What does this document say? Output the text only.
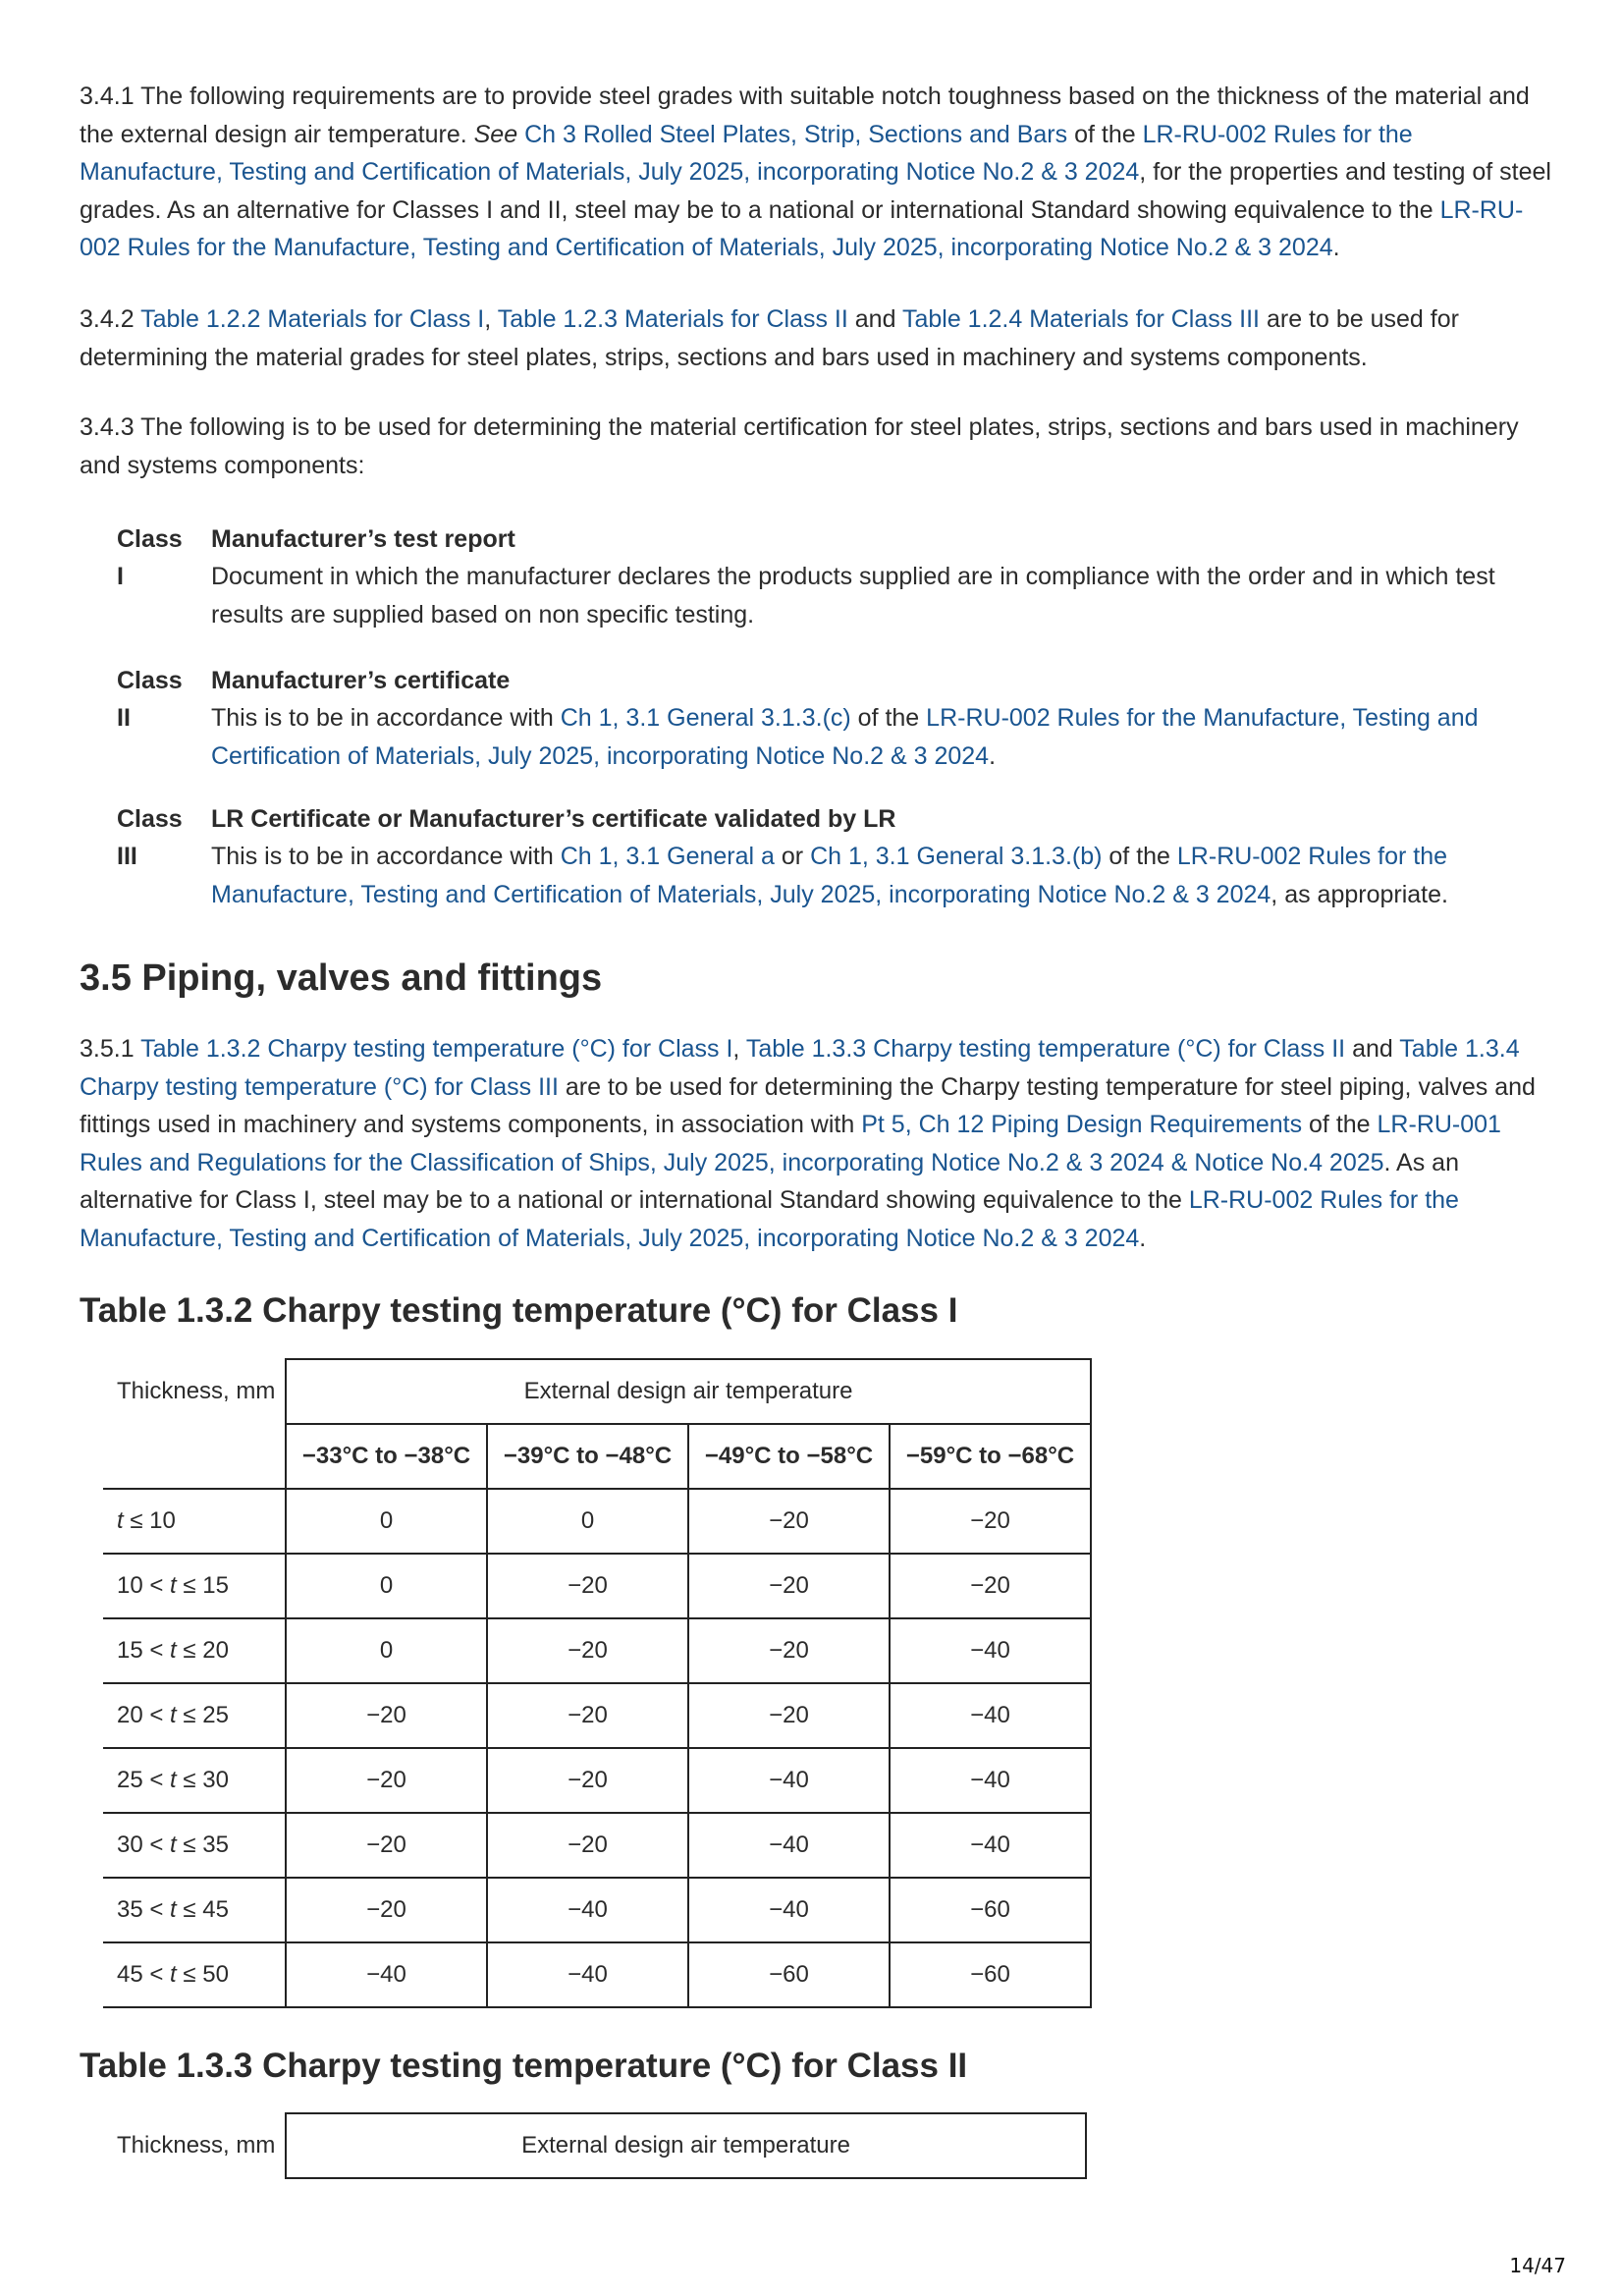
3.4.1 The following requirements are to provide steel grades with suitable notch toughness based on the thickness of the material and the external design air temperature. See Ch 3 Rolled Steel Plates, Strip, Sections and Bars of the LR-RU-002 Rules for the Manufacture, Testing and Certification of Materials, July 2025, incorporating Notice No.2 & 3 2024, for the properties and testing of steel grades. As an alternative for Classes I and II, steel may be to a national or international Standard showing equivalence to the LR-RU-002 Rules for the Manufacture, Testing and Certification of Materials, July 2025, incorporating Notice No.2 & 3 2024.

3.4.2 Table 1.2.2 Materials for Class I, Table 1.2.3 Materials for Class II and Table 1.2.4 Materials for Class III are to be used for determining the material grades for steel plates, strips, sections and bars used in machinery and systems components.

3.4.3 The following is to be used for determining the material certification for steel plates, strips, sections and bars used in machinery and systems components:

Class I
Manufacturer’s test report

Document in which the manufacturer declares the products supplied are in compliance with the order and in which test results are supplied based on non specific testing.

Class II
Manufacturer’s certificate

This is to be in accordance with Ch 1, 3.1 General 3.1.3.(c) of the LR-RU-002 Rules for the Manufacture, Testing and Certification of Materials, July 2025, incorporating Notice No.2 & 3 2024.

Class III
LR Certificate or Manufacturer’s certificate validated by LR

This is to be in accordance with Ch 1, 3.1 General a or Ch 1, 3.1 General 3.1.3.(b) of the LR-RU-002 Rules for the Manufacture, Testing and Certification of Materials, July 2025, incorporating Notice No.2 & 3 2024, as appropriate.

3.5 Piping, valves and fittings

3.5.1 Table 1.3.2 Charpy testing temperature (°C) for Class I, Table 1.3.3 Charpy testing temperature (°C) for Class II and Table 1.3.4 Charpy testing temperature (°C) for Class III are to be used for determining the Charpy testing temperature for steel piping, valves and fittings used in machinery and systems components, in association with Pt 5, Ch 12 Piping Design Requirements of the LR-RU-001 Rules and Regulations for the Classification of Ships, July 2025, incorporating Notice No.2 & 3 2024 & Notice No.4 2025. As an alternative for Class I, steel may be to a national or international Standard showing equivalence to the LR-RU-002 Rules for the Manufacture, Testing and Certification of Materials, July 2025, incorporating Notice No.2 & 3 2024.

Table 1.3.2 Charpy testing temperature (°C) for Class I
Thickness, mm	External design air temperature			
	−33°C to −38°C	−39°C to −48°C	−49°C to −58°C	−59°C to −68°C
t ≤ 10	0	0	−20	−20
10 < t ≤ 15	0	−20	−20	−20
15 < t ≤ 20	0	−20	−20	−40
20 < t ≤ 25	−20	−20	−20	−40
25 < t ≤ 30	−20	−20	−40	−40
30 < t ≤ 35	−20	−20	−40	−40
35 < t ≤ 45	−20	−40	−40	−60
45 < t ≤ 50	−40	−40	−60	−60
Table 1.3.3 Charpy testing temperature (°C) for Class II
Thickness, mm	External design air temperature
14/47
